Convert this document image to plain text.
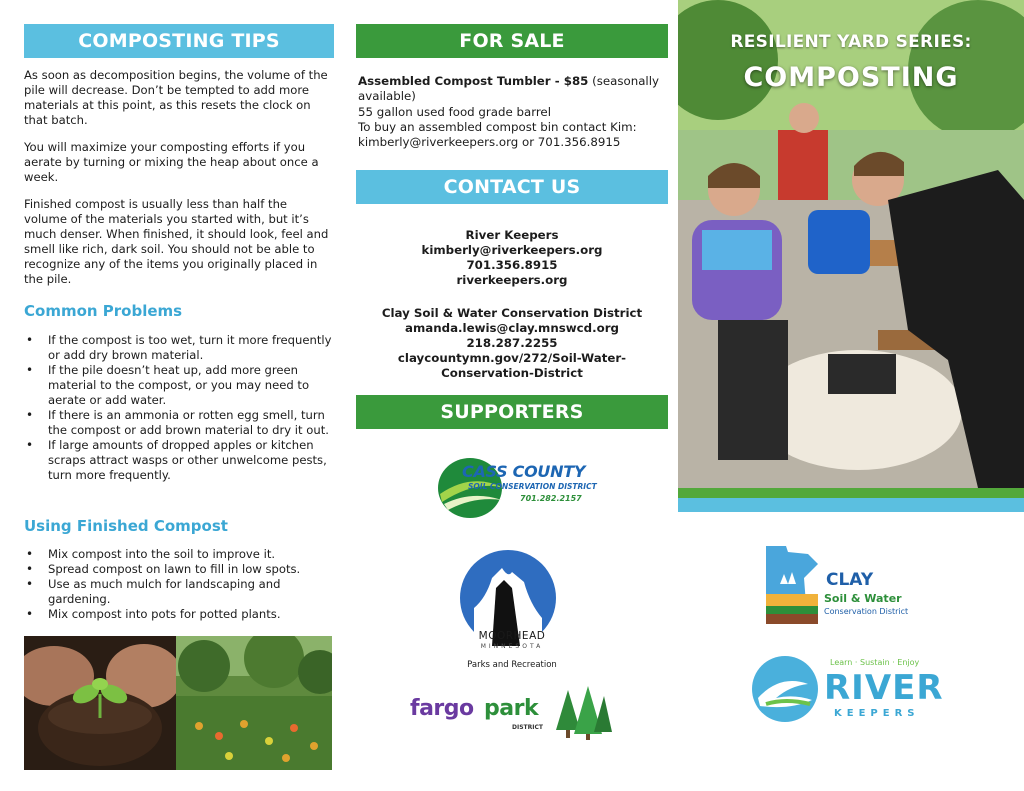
COMPOSTING TIPS

As soon as decomposition begins, the volume of the pile will decrease. Don’t be tempted to add more materials at this point, as this resets the clock on that batch.

You will maximize your composting efforts if you aerate by turning or mixing the heap about once a week.

Finished compost is usually less than half the volume of the materials you started with, but it’s much denser. When finished, it should look, feel and smell like rich, dark soil. You should not be able to recognize any of the items you originally placed in the pile.

Common Problems
• If the compost is too wet, turn it more frequently or add dry brown material.
• If the pile doesn’t heat up, add more green material to the compost, or you may need to aerate or add water.
• If there is an ammonia or rotten egg smell, turn the compost or add brown material to dry it out.
• If large amounts of dropped apples or kitchen scraps attract wasps or other unwelcome pests, turn more frequently.
Using Finished Compost
• Mix compost into the soil to improve it.
• Spread compost on lawn to fill in low spots.
• Use as much mulch for landscaping and gardening.
• Mix compost into pots for potted plants.
FOR SALE

Assembled Compost Tumbler - $85 (seasonally available)

55 gallon used food grade barrel

To buy an assembled compost bin contact Kim:

kimberly@riverkeepers.org or 701.356.8915

CONTACT US
River Keepers
kimberly@riverkeepers.org
701.356.8915
riverkeepers.org
Clay Soil & Water Conservation District
amanda.lewis@clay.mnswcd.org
218.287.2255
claycountymn.gov/272/Soil-Water-
Conservation-District
SUPPORTERS
CASS COUNTY
SOIL CONSERVATION DISTRICT
701.282.2157
MOORHEAD
MINNESOTA
Parks and Recreation
fargo park
DISTRICT
RESILIENT YARD SERIES:
COMPOSTING
CLAY
Soil & Water
Conservation District
Learn · Sustain · Enjoy
RIVER
KEEPERS
